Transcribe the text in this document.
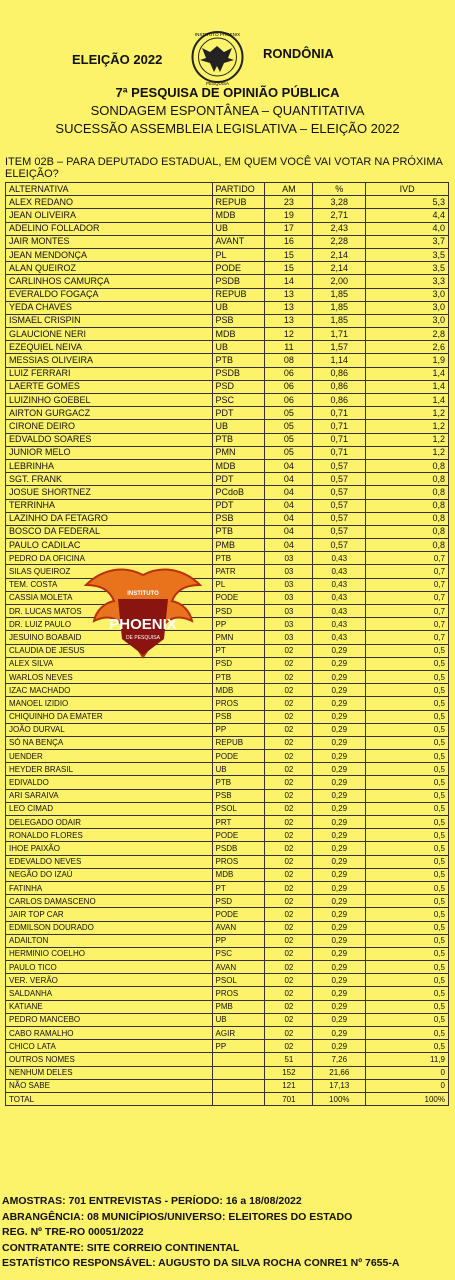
ELEIÇÃO 2022
INSTITUTO PHOENIX
PESQUISA
RONDÔNIA
7ª PESQUISA DE OPINIÃO PÚBLICA
SONDAGEM ESPONTÂNEA – QUANTITATIVA
SUCESSÃO ASSEMBLEIA LEGISLATIVA – ELEIÇÃO 2022
ITEM 02B – PARA DEPUTADO ESTADUAL, EM QUEM VOCÊ VAI VOTAR NA PRÓXIMA ELEIÇÃO?
ALTERNATIVA	PARTIDO	AM	%	IVD
ALEX REDANO	REPUB	23	3,28	5,3
JEAN OLIVEIRA	MDB	19	2,71	4,4
ADELINO FOLLADOR	UB	17	2,43	4,0
JAIR MONTES	AVANT	16	2,28	3,7
JEAN MENDONÇA	PL	15	2,14	3,5
ALAN QUEIROZ	PODE	15	2,14	3,5
CARLINHOS CAMURÇA	PSDB	14	2,00	3,3
EVERALDO FOGAÇA	REPUB	13	1,85	3,0
YEDA CHAVES	UB	13	1,85	3,0
ISMAEL CRISPIN	PSB	13	1,85	3,0
GLAUCIONE NERI	MDB	12	1,71	2,8
EZEQUIEL NEIVA	UB	11	1,57	2,6
MESSIAS OLIVEIRA	PTB	08	1,14	1,9
LUIZ FERRARI	PSDB	06	0,86	1,4
LAERTE GOMES	PSD	06	0,86	1,4
LUIZINHO GOEBEL	PSC	06	0,86	1,4
AIRTON GURGACZ	PDT	05	0,71	1,2
CIRONE DEIRO	UB	05	0,71	1,2
EDVALDO SOARES	PTB	05	0,71	1,2
JUNIOR MELO	PMN	05	0,71	1,2
LEBRINHA	MDB	04	0,57	0,8
SGT. FRANK	PDT	04	0,57	0,8
JOSUE SHORTNEZ	PCdoB	04	0,57	0,8
TERRINHA	PDT	04	0,57	0,8
LAZINHO DA FETAGRO	PSB	04	0,57	0,8
BOSCO DA FEDERAL	PTB	04	0,57	0,8
PAULO CADILAC	PMB	04	0,57	0,8
PEDRO DA OFICINA	PTB	03	0,43	0,7
SILAS QUEIROZ	PATR	03	0,43	0,7
TEM. COSTA	PL	03	0,43	0,7
CASSIA MOLETA	PODE	03	0,43	0,7
DR. LUCAS MATOS	PSD	03	0,43	0,7
DR. LUIZ PAULO	PP	03	0,43	0,7
JESUINO BOABAID	PMN	03	0,43	0,7
CLAUDIA DE JESUS	PT	02	0,29	0,5
ALEX SILVA	PSD	02	0,29	0,5
WARLOS NEVES	PTB	02	0,29	0,5
IZAC MACHADO	MDB	02	0,29	0,5
MANOEL IZIDIO	PROS	02	0,29	0,5
CHIQUINHO DA EMATER	PSB	02	0,29	0,5
JOÃO DURVAL	PP	02	0,29	0,5
SÓ NA BENÇA	REPUB	02	0,29	0,5
UENDER	PODE	02	0,29	0,5
HEYDER BRASIL	UB	02	0,29	0,5
EDIVALDO	PTB	02	0,29	0,5
ARI SARAIVA	PSB	02	0,29	0,5
LEO CIMAD	PSOL	02	0,29	0,5
DELEGADO ODAIR	PRT	02	0,29	0,5
RONALDO FLORES	PODE	02	0,29	0,5
IHOE PAIXÃO	PSDB	02	0,29	0,5
EDEVALDO NEVES	PROS	02	0,29	0,5
NEGÃO DO IZAÚ	MDB	02	0,29	0,5
FATINHA	PT	02	0,29	0,5
CARLOS DAMASCENO	PSD	02	0,29	0,5
JAIR TOP CAR	PODE	02	0,29	0,5
EDMILSON DOURADO	AVAN	02	0,29	0,5
ADAILTON	PP	02	0,29	0,5
HERMINIO COELHO	PSC	02	0,29	0,5
PAULO TICO	AVAN	02	0,29	0,5
VER. VERÃO	PSOL	02	0,29	0,5
SALDANHA	PROS	02	0,29	0,5
KATIANE	PMB	02	0,29	0,5
PEDRO MANCEBO	UB	02	0,29	0,5
CABO RAMALHO	AGIR	02	0,29	0,5
CHICO LATA	PP	02	0,29	0,5
OUTROS NOMES		51	7,26	11,9
NENHUM DELES		152	21,66	0
NÃO SABE		121	17,13	0
TOTAL		701	100%	100%
INSTITUTO
PHOENIX
DE PESQUISA
AMOSTRAS: 701 ENTREVISTAS - PERÍODO: 16 a 18/08/2022
ABRANGÊNCIA: 08 MUNICÍPIOS/UNIVERSO: ELEITORES DO ESTADO
REG. Nº TRE-RO 00051/2022
CONTRATANTE: SITE CORREIO CONTINENTAL
ESTATÍSTICO RESPONSÁVEL: AUGUSTO DA SILVA ROCHA CONRE1 Nº 7655-A
